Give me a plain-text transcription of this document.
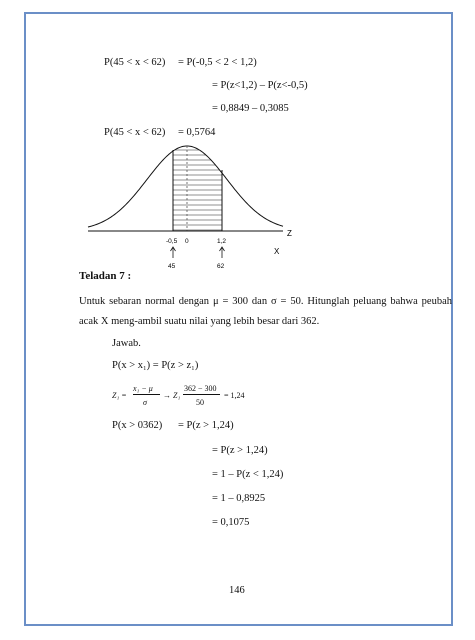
P(45 < x < 62) = P(-0,5 < 2 < 1,2)
= P(z<1,2) – P(z<-0,5)
= 0,8849 – 0,3085
P(45 < x < 62) = 0,5764
Z
X
-0,5 0	1,2
45	62
Teladan 7 :
Untuk sebaran normal dengan μ = 300 dan σ = 50. Hitunglah peluang bahwa peubah acak X meng-ambil suatu nilai yang lebih besar dari 362.
Jawab.
P(x > x₁) = P(z > z₁)
Z₁ =
x₁ − μ
σ
→ Z₁
362 − 300
50
= 1,24
P(x > 0362) = P(z > 1,24)
= P(z > 1,24)
= 1 – P(z < 1,24)
= 1 – 0,8925
= 0,1075
146
